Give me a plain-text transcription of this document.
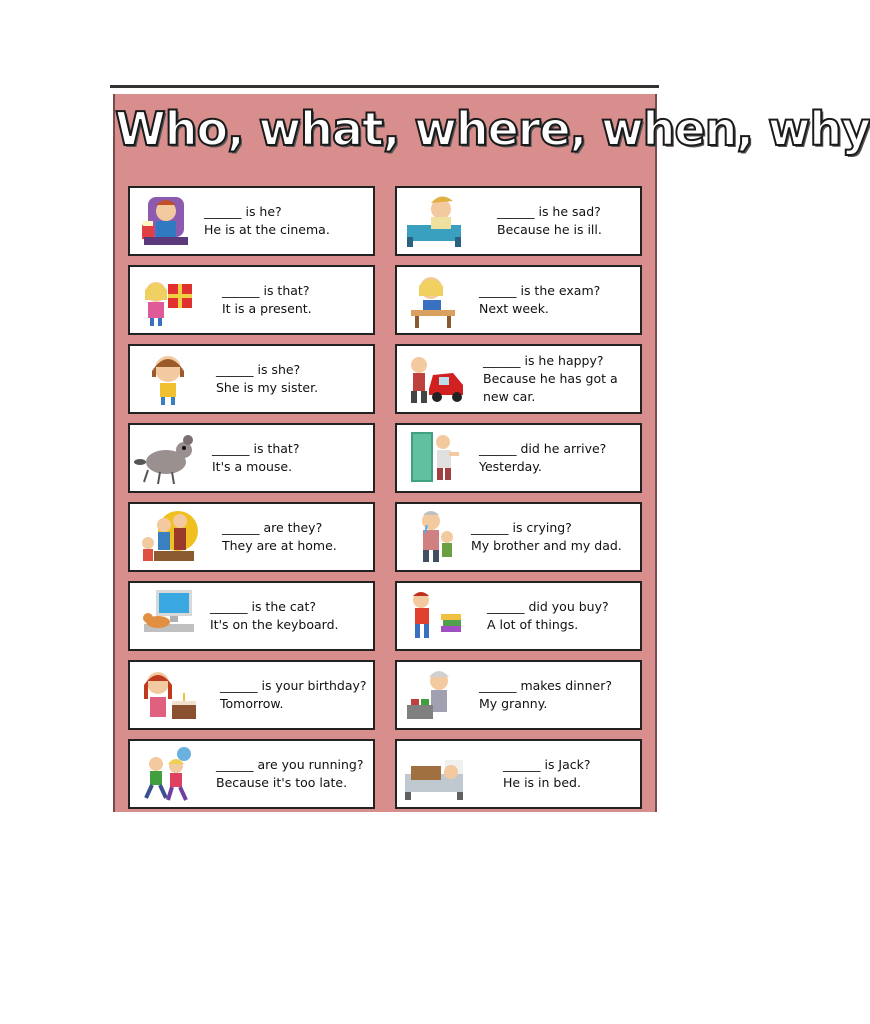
Who, what, where, when, why
______ is he?
He is at the cinema.
______ is he sad?
Because he is ill.
______ is that?
It is a present.
______ is the exam?
Next week.
______ is she?
She is my sister.
______ is he happy?
Because he has got a new car.
______ is that?
It's a mouse.
______ did he arrive?
Yesterday.
______ are they?
They are at home.
______ is crying?
My brother and my dad.
______ is the cat?
It's on the keyboard.
______ did you buy?
A lot of things.
______ is your birthday?
Tomorrow.
______ makes dinner?
My granny.
______ are you running?
Because it's too late.
______ is Jack?
He is in bed.
